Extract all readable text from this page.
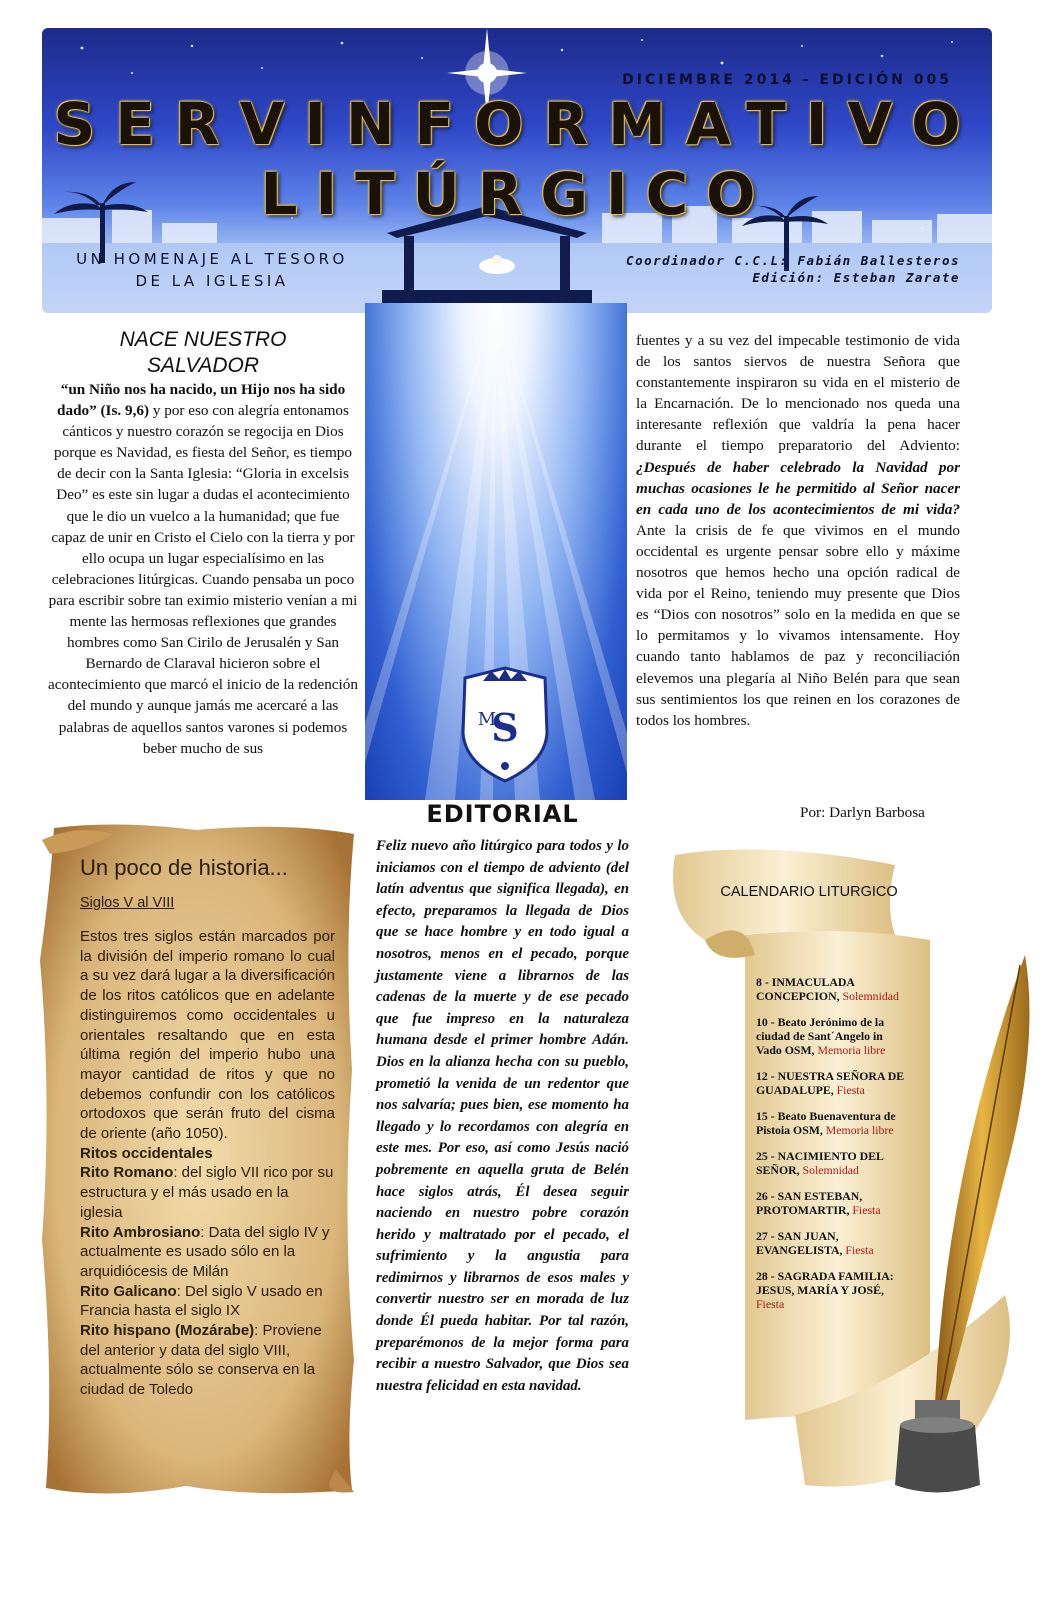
DICIEMBRE 2014 - EDICIÓN 005
SERVINFORMATIVO
LITÚRGICO
UN HOMENAJE AL TESORO
DE LA IGLESIA
Coordinador C.C.L: Fabián Ballesteros
Edición: Esteban Zarate
S
M

NACE NUESTRO
SALVADOR

“un Niño nos ha nacido, un Hijo nos ha sido dado” (Is. 9,6) y por eso con alegría entonamos cánticos y nuestro corazón se regocija en Dios porque es Navidad, es fiesta del Señor, es tiempo de decir con la Santa Iglesia: “Gloria in excelsis Deo” es este sin lugar a dudas el acontecimiento que le dio un vuelco a la humanidad; que fue capaz de unir en Cristo el Cielo con la tierra y por ello ocupa un lugar especialísimo en las celebraciones litúrgicas. Cuando pensaba un poco para escribir sobre tan eximio misterio venían a mi mente las hermosas reflexiones que grandes hombres como San Cirilo de Jerusalén y San Bernardo de Claraval hicieron sobre el acontecimiento que marcó el inicio de la redención del mundo y aunque jamás me acercaré a las palabras de aquellos santos varones si podemos beber mucho de sus

fuentes y a su vez del impecable testimonio de vida de los santos siervos de nuestra Señora que constantemente inspiraron su vida en el misterio de la Encarnación. De lo mencionado nos queda una interesante reflexión que valdría la pena hacer durante el tiempo preparatorio del Adviento: ¿Después de haber celebrado la Navidad por muchas ocasiones le he permitido al Señor nacer en cada uno de los acontecimientos de mi vida? Ante la crisis de fe que vivimos en el mundo occidental es urgente pensar sobre ello y máxime nosotros que hemos hecho una opción radical de vida por el Reino, teniendo muy presente que Dios es “Dios con nosotros” solo en la medida en que se lo permitamos y lo vivamos intensamente. Hoy cuando tanto hablamos de paz y reconciliación elevemos una plegaría al Niño Belén para que sean sus sentimientos los que reinen en los corazones de todos los hombres.
Por: Darlyn Barbosa

Un poco de historia...

Siglos V al VIII

Estos tres siglos están marcados por la división del imperio romano lo cual a su vez dará lugar a la diversificación de los ritos católicos que en adelante distinguiremos como occidentales u orientales resaltando que en esta última región del imperio hubo una mayor cantidad de ritos y que no debemos confundir con los católicos ortodoxos que serán fruto del cisma de oriente (año 1050).

Ritos occidentales

Rito Romano: del siglo VII rico por su estructura y el más usado en la iglesia

Rito Ambrosiano: Data del siglo IV y actualmente es usado sólo en la arquidiócesis de Milán

Rito Galicano: Del siglo V usado en Francia hasta el siglo IX

Rito hispano (Mozárabe): Proviene del anterior y data del siglo VIII, actualmente sólo se conserva en la ciudad de Toledo

EDITORIAL

Feliz nuevo año litúrgico para todos y lo iniciamos con el tiempo de adviento (del latín adventus que significa llegada), en efecto, preparamos la llegada de Dios que se hace hombre y en todo igual a nosotros, menos en el pecado, porque justamente viene a librarnos de las cadenas de la muerte y de ese pecado que fue impreso en la naturaleza humana desde el primer hombre Adán. Dios en la alianza hecha con su pueblo, prometió la venida de un redentor que nos salvaría; pues bien, ese momento ha llegado y lo recordamos con alegría en este mes. Por eso, así como Jesús nació pobremente en aquella gruta de Belén hace siglos atrás, Él desea seguir naciendo en nuestro pobre corazón herido y maltratado por el pecado, el sufrimiento y la angustia para redimirnos y librarnos de esos males y convertir nuestro ser en morada de luz donde Él pueda habitar. Por tal razón, preparémonos de la mejor forma para recibir a nuestro Salvador, que Dios sea nuestra felicidad en esta navidad.

CALENDARIO LITURGICO
8 - INMACULADA CONCEPCION, Solemnidad
10 - Beato Jerónimo de la ciudad de Sant´Angelo in Vado OSM, Memoria libre
12 - NUESTRA SEÑORA DE GUADALUPE, Fiesta
15 - Beato Buenaventura de Pistoia OSM, Memoria libre
25 - NACIMIENTO DEL SEÑOR, Solemnidad
26 - SAN ESTEBAN, PROTOMARTIR, Fiesta
27 - SAN JUAN, EVANGELISTA, Fiesta
28 - SAGRADA FAMILIA: JESUS, MARÍA Y JOSÉ, Fiesta
